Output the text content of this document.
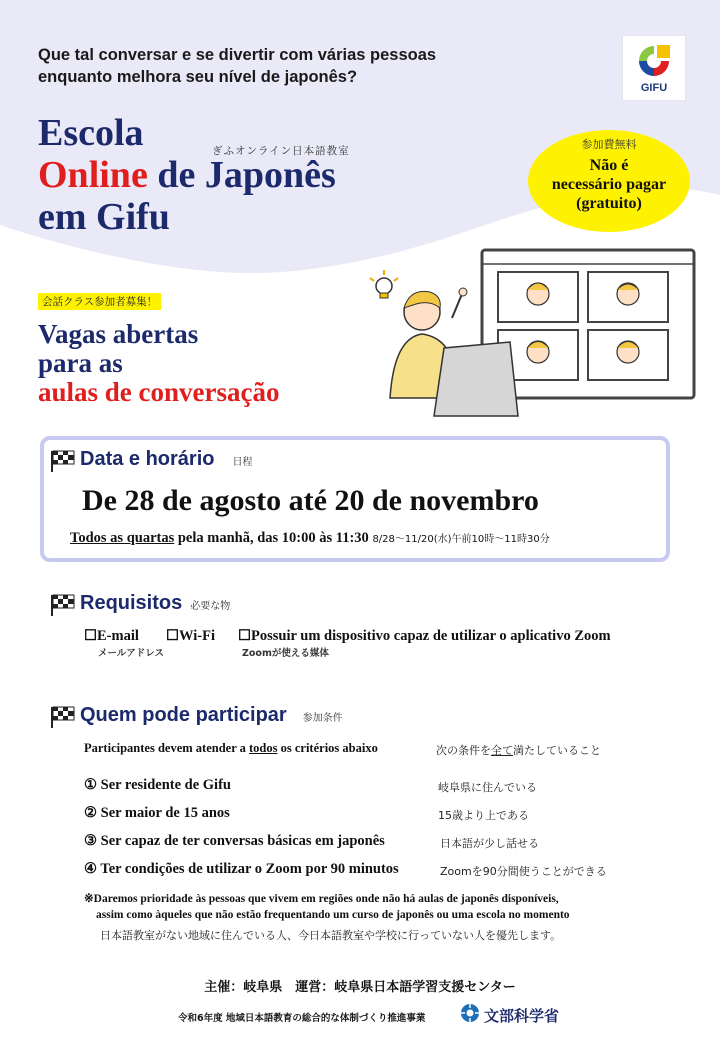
Que tal conversar e se divertir com várias pessoas
enquanto melhora seu nível de japonês?
GIFU
Escola
Online de Japonês
em Gifu
ぎふオンライン日本語教室	参加費無料
Não é
necessário pagar
(gratuito)
会話クラス参加者募集！
Vagas abertas
para as
aulas de conversação
Data e horário 日程
De 28 de agosto até 20 de novembro
Todos as quartas pela manhã, das 10:00 às 11:30 8/28～11/20(水)午前10時～11時30分
Requisitos 必要な物
☐E-mail
メールアドレス
☐Wi-Fi ☐Possuir um dispositivo capaz de utilizar o aplicativo Zoom
Zoomが使える媒体
Quem pode participar 参加条件
Participantes devem atender a todos os critérios abaixo	次の条件を全て満たしていること
① Ser residente de Gifu	岐阜県に住んでいる
② Ser maior de 15 anos	15歳より上である
③ Ser capaz de ter conversas básicas em japonês	日本語が少し話せる
④ Ter condições de utilizar o Zoom por 90 minutos	Zoomを90分間使うことができる
※Daremos prioridade às pessoas que vivem em regiões onde não há aulas de japonês disponíveis,
assim como àqueles que não estão frequentando um curso de japonês ou uma escola no momento
日本語教室がない地域に住んでいる人、今日本語教室や学校に行っていない人を優先します。
主催：岐阜県　運営：岐阜県日本語学習支援センター
令和6年度 地域日本語教育の総合的な体制づくり推進事業	文部科学省
